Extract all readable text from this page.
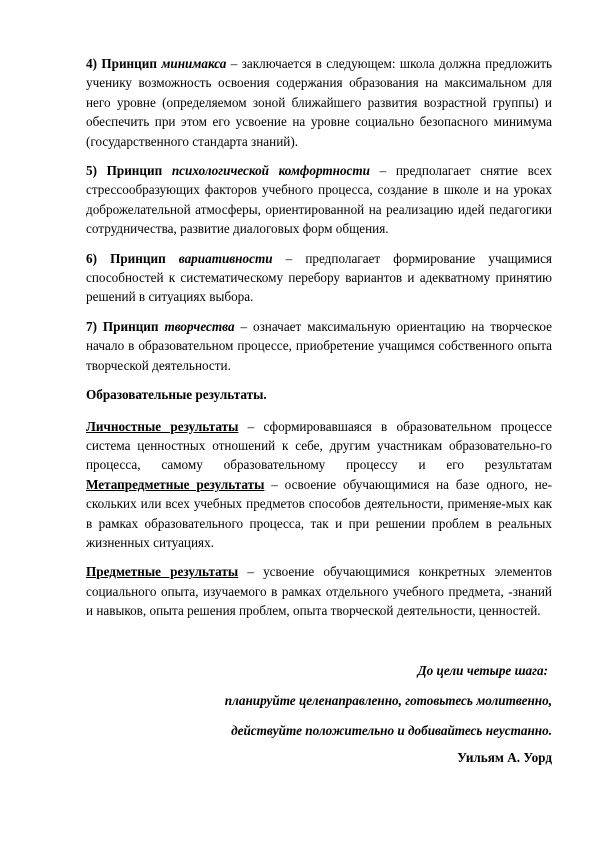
4) Принцип минимакса – заключается в следующем: школа должна предложить ученику возможность освоения содержания образования на максимальном для него уровне (определяемом зоной ближайшего развития возрастной группы) и обеспечить при этом его усвоение на уровне социально безопасного минимума (государственного стандарта знаний).

5) Принцип психологической комфортности – предполагает снятие всех стрессообразующих факторов учебного процесса, создание в школе и на уроках доброжелательной атмосферы, ориентированной на реализацию идей педагогики сотрудничества, развитие диалоговых форм общения.

6) Принцип вариативности – предполагает формирование учащимися способностей к систематическому перебору вариантов и адекватному принятию решений в ситуациях выбора.

7) Принцип творчества – означает максимальную ориентацию на творческое начало в образовательном процессе, приобретение учащимся собственного опыта творческой деятельности.

Образовательные результаты.

Личностные результаты – сформировавшаяся в образовательном процессе система ценностных отношений к себе, другим участникам образовательно-го процесса, самому образовательному процессу и его результатам Метапредметные результаты – освоение обучающимися на базе одного, не-скольких или всех учебных предметов способов деятельности, применяе-мых как в рамках образовательного процесса, так и при решении проблем в реальных жизненных ситуациях.

Предметные результаты – усвоение обучающимися конкретных элементов социального опыта, изучаемого в рамках отдельного учебного предмета, -знаний и навыков, опыта решения проблем, опыта творческой деятельности, ценностей.

До цели четыре шага:
планируйте целенаправленно, готовьтесь молитвенно,
действуйте положительно и добивайтесь неустанно.
Уильям А. Уорд
